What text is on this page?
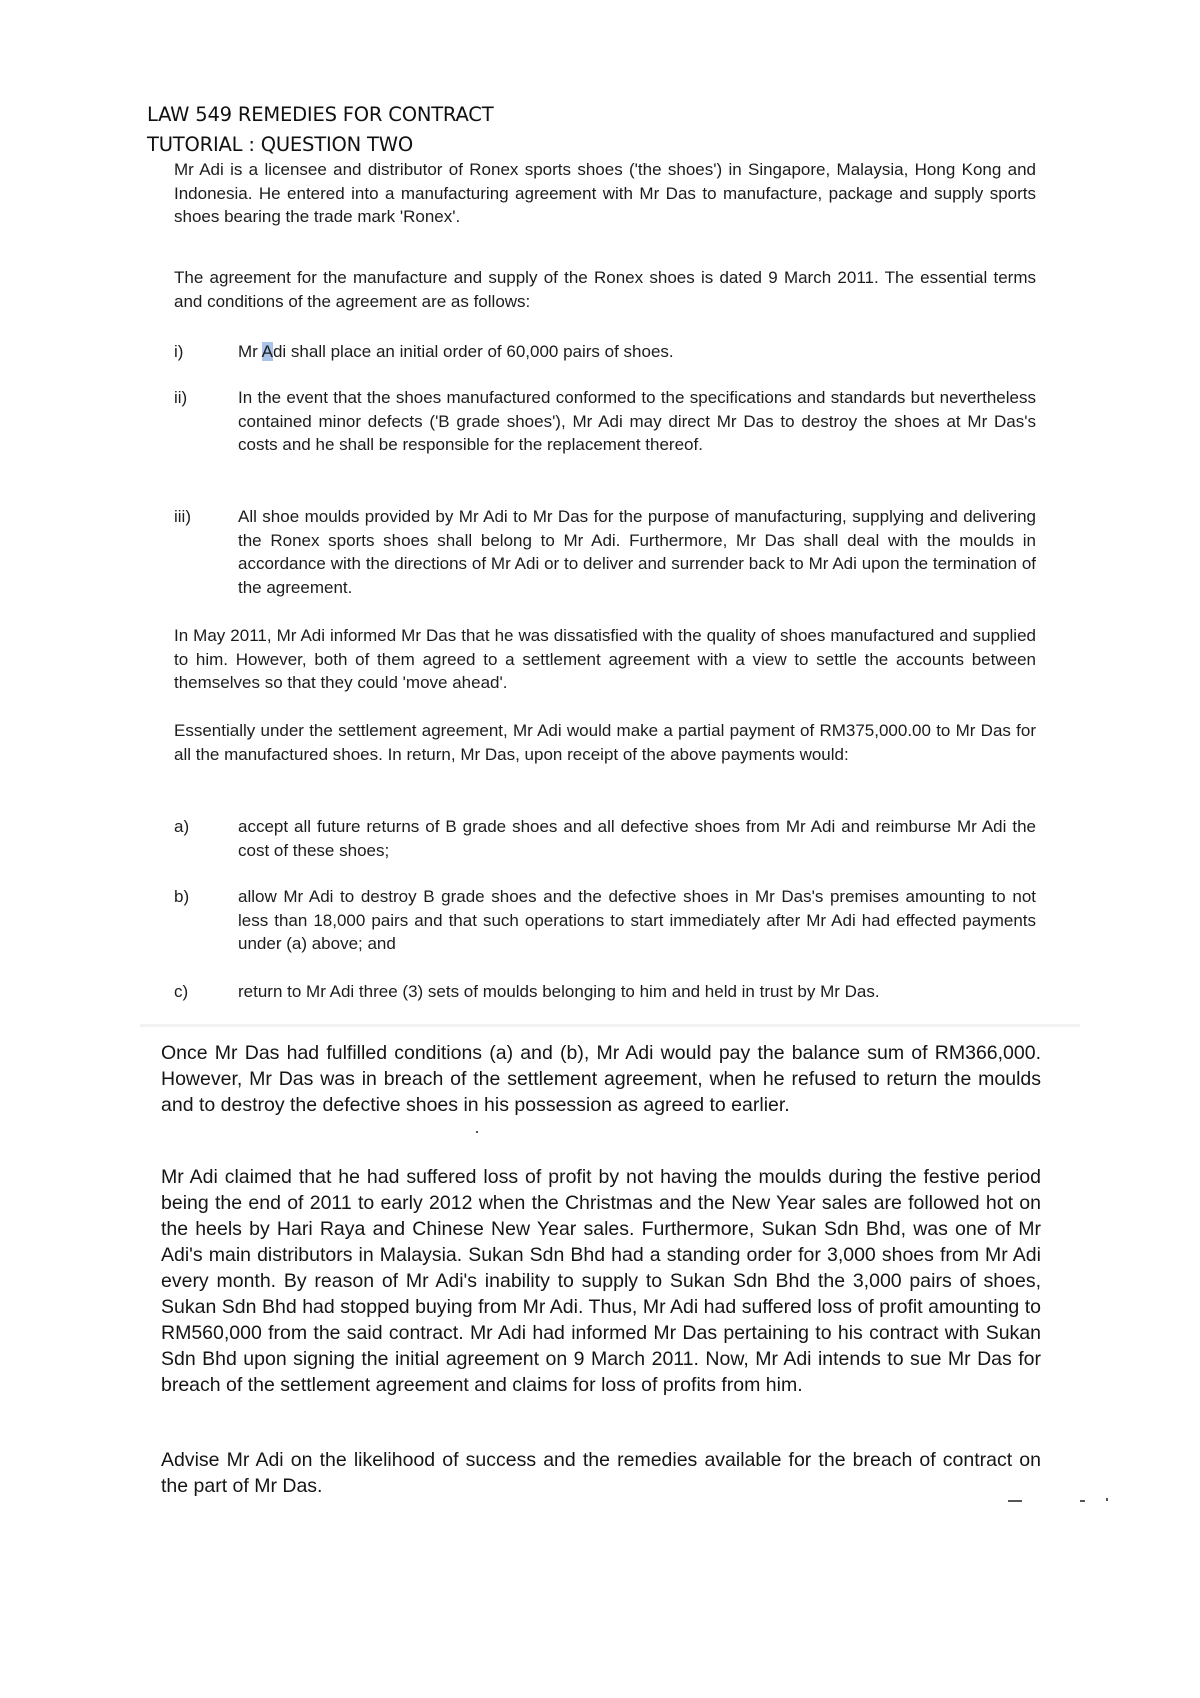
LAW 549 REMEDIES FOR CONTRACT
TUTORIAL : QUESTION TWO

Mr Adi is a licensee and distributor of Ronex sports shoes ('the shoes') in Singapore, Malaysia, Hong Kong and Indonesia. He entered into a manufacturing agreement with Mr Das to manufacture, package and supply sports shoes bearing the trade mark 'Ronex'.

The agreement for the manufacture and supply of the Ronex shoes is dated 9 March 2011. The essential terms and conditions of the agreement are as follows:

i)	Mr Adi shall place an initial order of 60,000 pairs of shoes.
ii)	In the event that the shoes manufactured conformed to the specifications and standards but nevertheless contained minor defects ('B grade shoes'), Mr Adi may direct Mr Das to destroy the shoes at Mr Das's costs and he shall be responsible for the replacement thereof.
iii)	All shoe moulds provided by Mr Adi to Mr Das for the purpose of manufacturing, supplying and delivering the Ronex sports shoes shall belong to Mr Adi. Furthermore, Mr Das shall deal with the moulds in accordance with the directions of Mr Adi or to deliver and surrender back to Mr Adi upon the termination of the agreement.

In May 2011, Mr Adi informed Mr Das that he was dissatisfied with the quality of shoes manufactured and supplied to him. However, both of them agreed to a settlement agreement with a view to settle the accounts between themselves so that they could 'move ahead'.

Essentially under the settlement agreement, Mr Adi would make a partial payment of RM375,000.00 to Mr Das for all the manufactured shoes. In return, Mr Das, upon receipt of the above payments would:

a)	accept all future returns of B grade shoes and all defective shoes from Mr Adi and reimburse Mr Adi the cost of these shoes;
b)	allow Mr Adi to destroy B grade shoes and the defective shoes in Mr Das's premises amounting to not less than 18,000 pairs and that such operations to start immediately after Mr Adi had effected payments under (a) above; and
c)	return to Mr Adi three (3) sets of moulds belonging to him and held in trust by Mr Das.

Once Mr Das had fulfilled conditions (a) and (b), Mr Adi would pay the balance sum of RM366,000. However, Mr Das was in breach of the settlement agreement, when he refused to return the moulds and to destroy the defective shoes in his possession as agreed to earlier.

Mr Adi claimed that he had suffered loss of profit by not having the moulds during the festive period being the end of 2011 to early 2012 when the Christmas and the New Year sales are followed hot on the heels by Hari Raya and Chinese New Year sales. Furthermore, Sukan Sdn Bhd, was one of Mr Adi's main distributors in Malaysia. Sukan Sdn Bhd had a standing order for 3,000 shoes from Mr Adi every month. By reason of Mr Adi's inability to supply to Sukan Sdn Bhd the 3,000 pairs of shoes, Sukan Sdn Bhd had stopped buying from Mr Adi. Thus, Mr Adi had suffered loss of profit amounting to RM560,000 from the said contract. Mr Adi had informed Mr Das pertaining to his contract with Sukan Sdn Bhd upon signing the initial agreement on 9 March 2011. Now, Mr Adi intends to sue Mr Das for breach of the settlement agreement and claims for loss of profits from him.

Advise Mr Adi on the likelihood of success and the remedies available for the breach of contract on the part of Mr Das.
